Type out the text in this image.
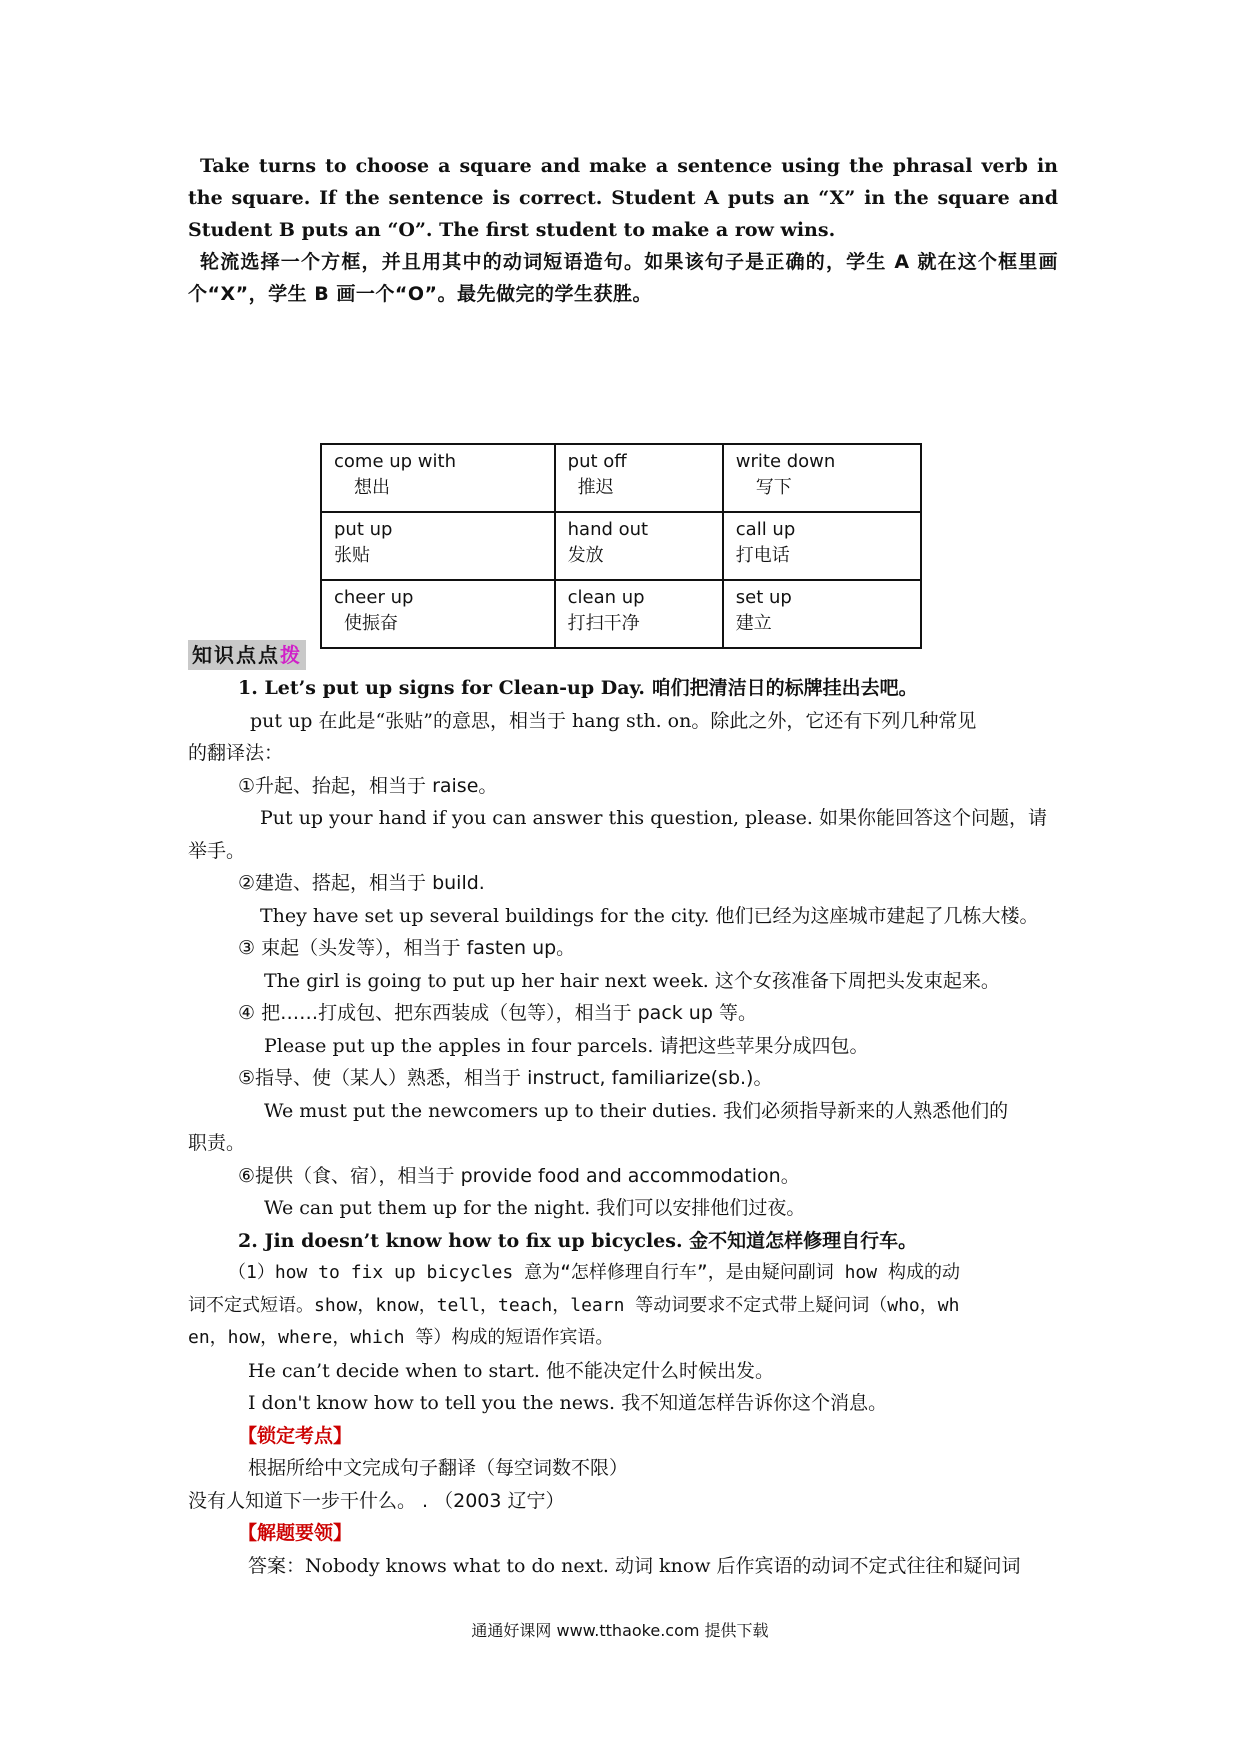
Take turns to choose a square and make a sentence using the phrasal verb in the square. If the sentence is correct. Student A puts an “X” in the square and Student B puts an “O”. The first student to make a row wins.

轮流选择一个方框，并且用其中的动词短语造句。如果该句子是正确的，学生 A 就在这个框里画个“X”，学生 B 画一个“O”。最先做完的学生获胜。

come up with
想出	put off
推迟	write down
写下

put up
张贴	hand out
发放	call up
打电话

cheer up
使振奋	clean up
打扫干净	set up
建立
知识点点拨

1. Let’s put up signs for Clean-up Day. 咱们把清洁日的标牌挂出去吧。

put up 在此是“张贴”的意思，相当于 hang sth. on。除此之外，它还有下列几种常见

的翻译法：

①升起、抬起，相当于 raise。

Put up your hand if you can answer this question, please. 如果你能回答这个问题，请

举手。

②建造、搭起，相当于 build.

They have set up several buildings for the city. 他们已经为这座城市建起了几栋大楼。

③ 束起（头发等），相当于 fasten up。

The girl is going to put up her hair next week. 这个女孩准备下周把头发束起来。

④ 把……打成包、把东西装成（包等），相当于 pack up 等。

Please put up the apples in four parcels. 请把这些苹果分成四包。

⑤指导、使（某人）熟悉，相当于 instruct, familiarize(sb.)。

We must put the newcomers up to their duties. 我们必须指导新来的人熟悉他们的

职责。

⑥提供（食、宿），相当于 provide food and accommodation。

We can put them up for the night. 我们可以安排他们过夜。

2. Jin doesn’t know how to fix up bicycles. 金不知道怎样修理自行车。

（1）how to fix up bicycles 意为“怎样修理自行车”，是由疑问副词 how 构成的动

词不定式短语。show，know，tell，teach，learn 等动词要求不定式带上疑问词（who，wh

en，how，where，which 等）构成的短语作宾语。

He can’t decide when to start. 他不能决定什么时候出发。

I don't know how to tell you the news. 我不知道怎样告诉你这个消息。

【锁定考点】

根据所给中文完成句子翻译（每空词数不限）

没有人知道下一步干什么。 . （2003 辽宁）

【解题要领】

答案：Nobody knows what to do next. 动词 know 后作宾语的动词不定式往往和疑问词

通通好课网 www.tthaoke.com 提供下载
